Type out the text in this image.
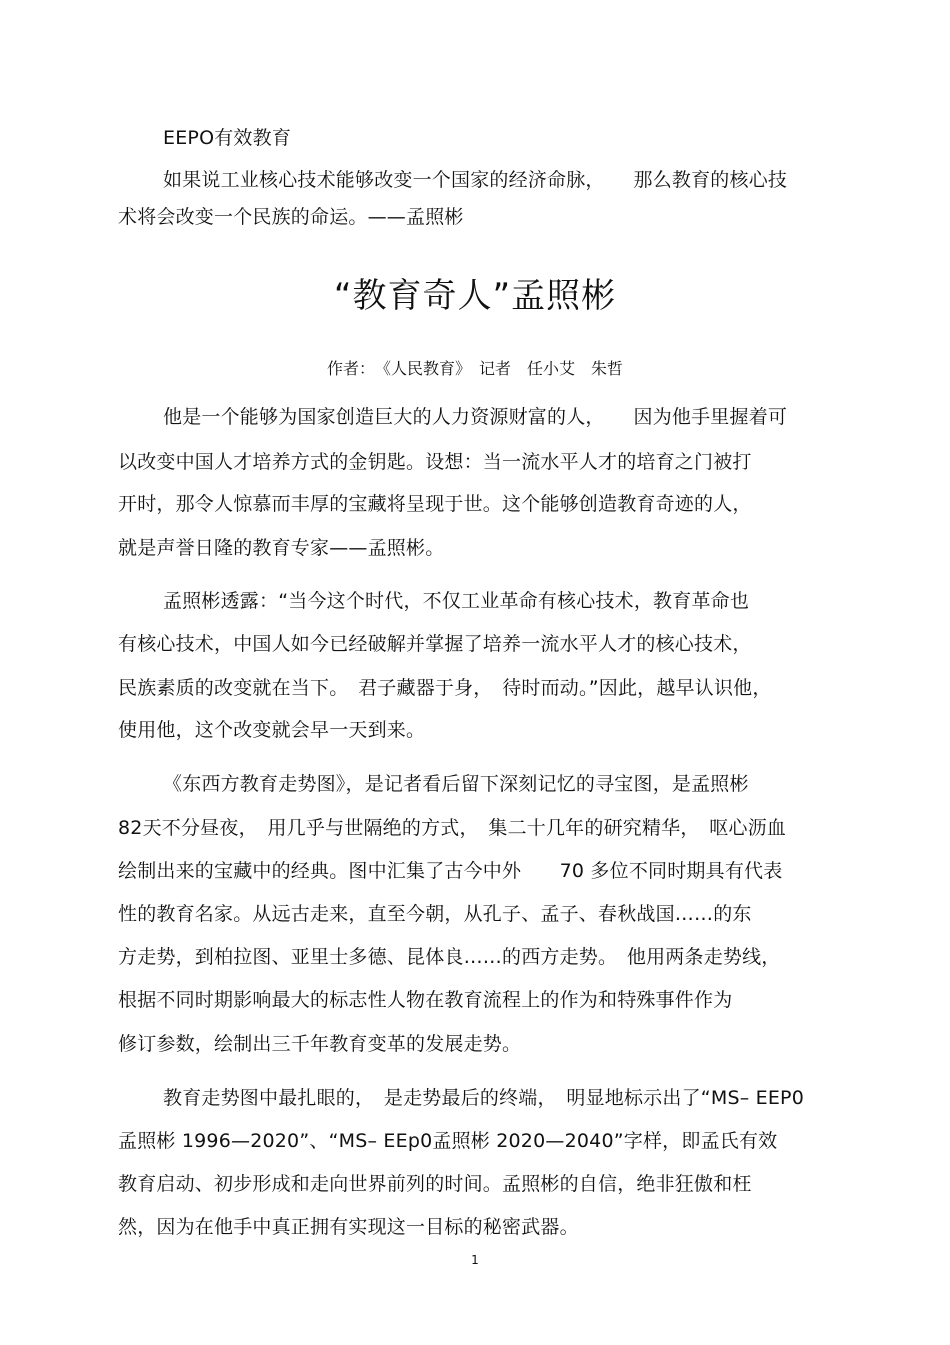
EEPO有效教育
如果说工业核心技术能够改变一个国家的经济命脉，　　那么教育的核心技
术将会改变一个民族的命运。——孟照彬
“教育奇人”孟照彬
作者：　《人民教育》　记者　任小艾　朱哲
他是一个能够为国家创造巨大的人力资源财富的人，　　因为他手里握着可
以改变中国人才培养方式的金钥匙。设想：当一流水平人才的培育之门被打
开时，那令人惊慕而丰厚的宝藏将呈现于世。这个能够创造教育奇迹的人，
就是声誉日隆的教育专家——孟照彬。
孟照彬透露：“当今这个时代，不仅工业革命有核心技术，教育革命也
有核心技术，中国人如今已经破解并掌握了培养一流水平人才的核心技术，
民族素质的改变就在当下。　君子藏器于身，　待时而动。”因此，越早认识他，
使用他，这个改变就会早一天到来。
《东西方教育走势图》，是记者看后留下深刻记忆的寻宝图，是孟照彬
82天不分昼夜，　用几乎与世隔绝的方式，　集二十几年的研究精华，　呕心沥血
绘制出来的宝藏中的经典。图中汇集了古今中外　　70 多位不同时期具有代表
性的教育名家。从远古走来，直至今朝，从孔子、孟子、春秋战国……的东
方走势，到柏拉图、亚里士多德、昆体良……的西方走势。　他用两条走势线，
根据不同时期影响最大的标志性人物在教育流程上的作为和特殊事件作为
修订参数，绘制出三千年教育变革的发展走势。
教育走势图中最扎眼的，　是走势最后的终端，　明显地标示出了“MS– EEP0
孟照彬 1996—2020”、“MS– EEp0孟照彬 2020—2040”字样，即孟氏有效
教育启动、初步形成和走向世界前列的时间。孟照彬的自信，绝非狂傲和枉
然，因为在他手中真正拥有实现这一目标的秘密武器。
1
